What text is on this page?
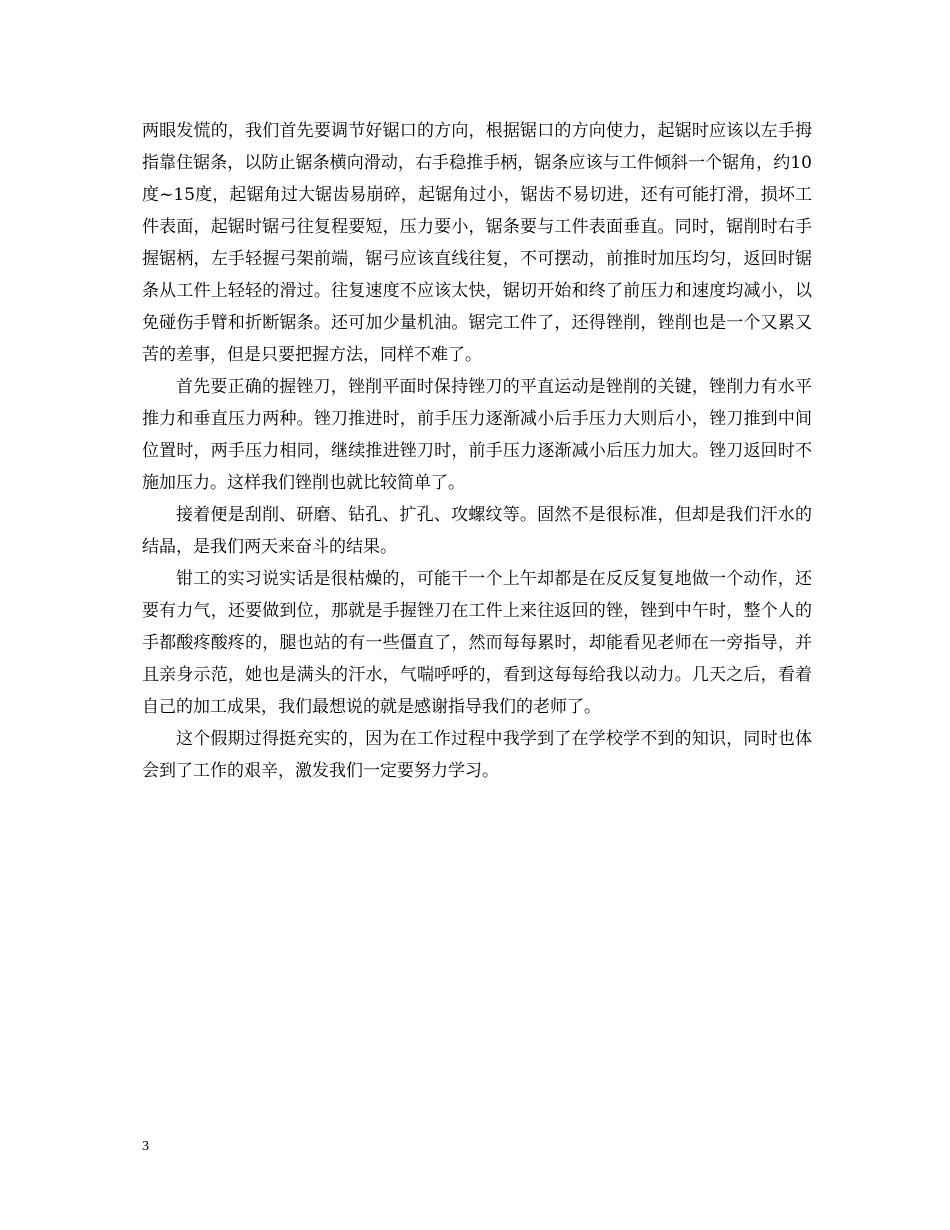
两眼发慌的，我们首先要调节好锯口的方向，根据锯口的方向使力，起锯时应该以左手拇指靠住锯条，以防止锯条横向滑动，右手稳推手柄，锯条应该与工件倾斜一个锯角，约10 度~15度，起锯角过大锯齿易崩碎，起锯角过小，锯齿不易切进，还有可能打滑，损坏工件表面，起锯时锯弓往复程要短，压力要小，锯条要与工件表面垂直。同时，锯削时右手握锯柄，左手轻握弓架前端，锯弓应该直线往复，不可摆动，前推时加压均匀，返回时锯条从工件上轻轻的滑过。往复速度不应该太快，锯切开始和终了前压力和速度均减小，以免碰伤手臂和折断锯条。还可加少量机油。锯完工件了，还得锉削，锉削也是一个又累又苦的差事，但是只要把握方法，同样不难了。

首先要正确的握锉刀，锉削平面时保持锉刀的平直运动是锉削的关键，锉削力有水平推力和垂直压力两种。锉刀推进时，前手压力逐渐减小后手压力大则后小，锉刀推到中间位置时，两手压力相同，继续推进锉刀时，前手压力逐渐减小后压力加大。锉刀返回时不施加压力。这样我们锉削也就比较简单了。

接着便是刮削、研磨、钻孔、扩孔、攻螺纹等。固然不是很标准，但却是我们汗水的结晶，是我们两天来奋斗的结果。

钳工的实习说实话是很枯燥的，可能干一个上午却都是在反反复复地做一个动作，还要有力气，还要做到位，那就是手握锉刀在工件上来往返回的锉，锉到中午时，整个人的手都酸疼酸疼的，腿也站的有一些僵直了，然而每每累时，却能看见老师在一旁指导，并且亲身示范，她也是满头的汗水，气喘呼呼的，看到这每每给我以动力。几天之后，看着自己的加工成果，我们最想说的就是感谢指导我们的老师了。

这个假期过得挺充实的，因为在工作过程中我学到了在学校学不到的知识，同时也体会到了工作的艰辛，激发我们一定要努力学习。

3
